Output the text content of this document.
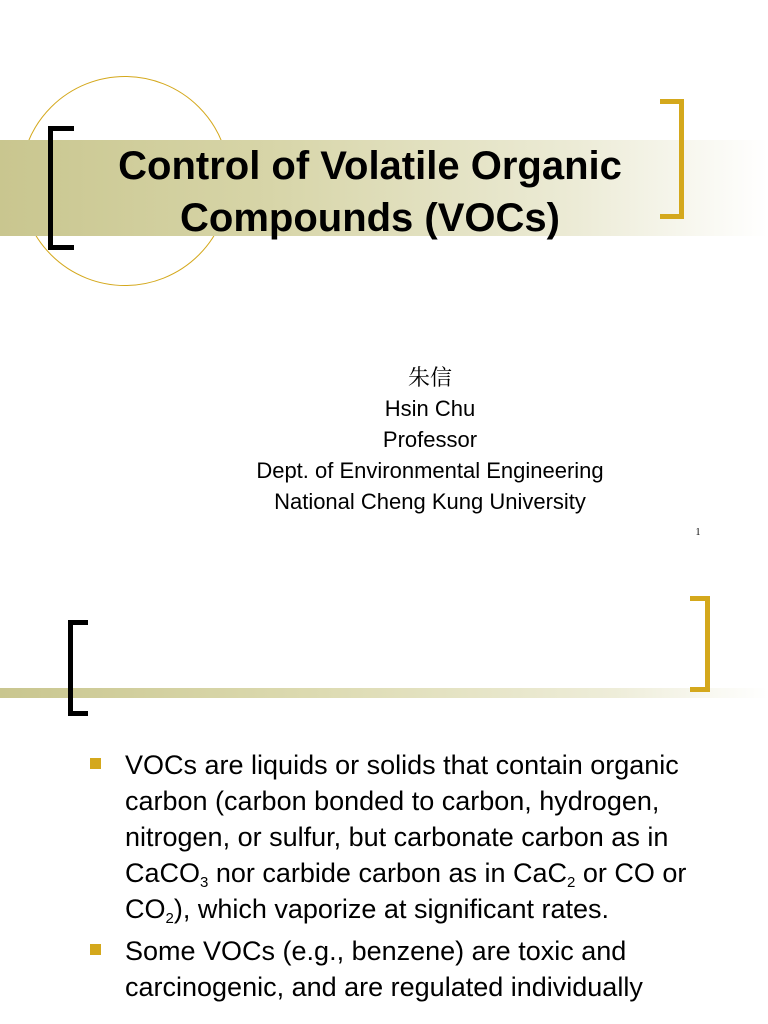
Control of Volatile Organic
Compounds (VOCs)
朱信
Hsin Chu
Professor
Dept. of Environmental Engineering
National Cheng Kung University
1
VOCs are liquids or solids that contain organic carbon (carbon bonded to carbon, hydrogen, nitrogen, or sulfur, but carbonate carbon as in CaCO$_3$ nor carbide carbon as in CaC$_2$ or CO or $CO_2$), which vaporize at significant rates.
Some VOCs (e.g., benzene) are toxic and carcinogenic, and are regulated individually
